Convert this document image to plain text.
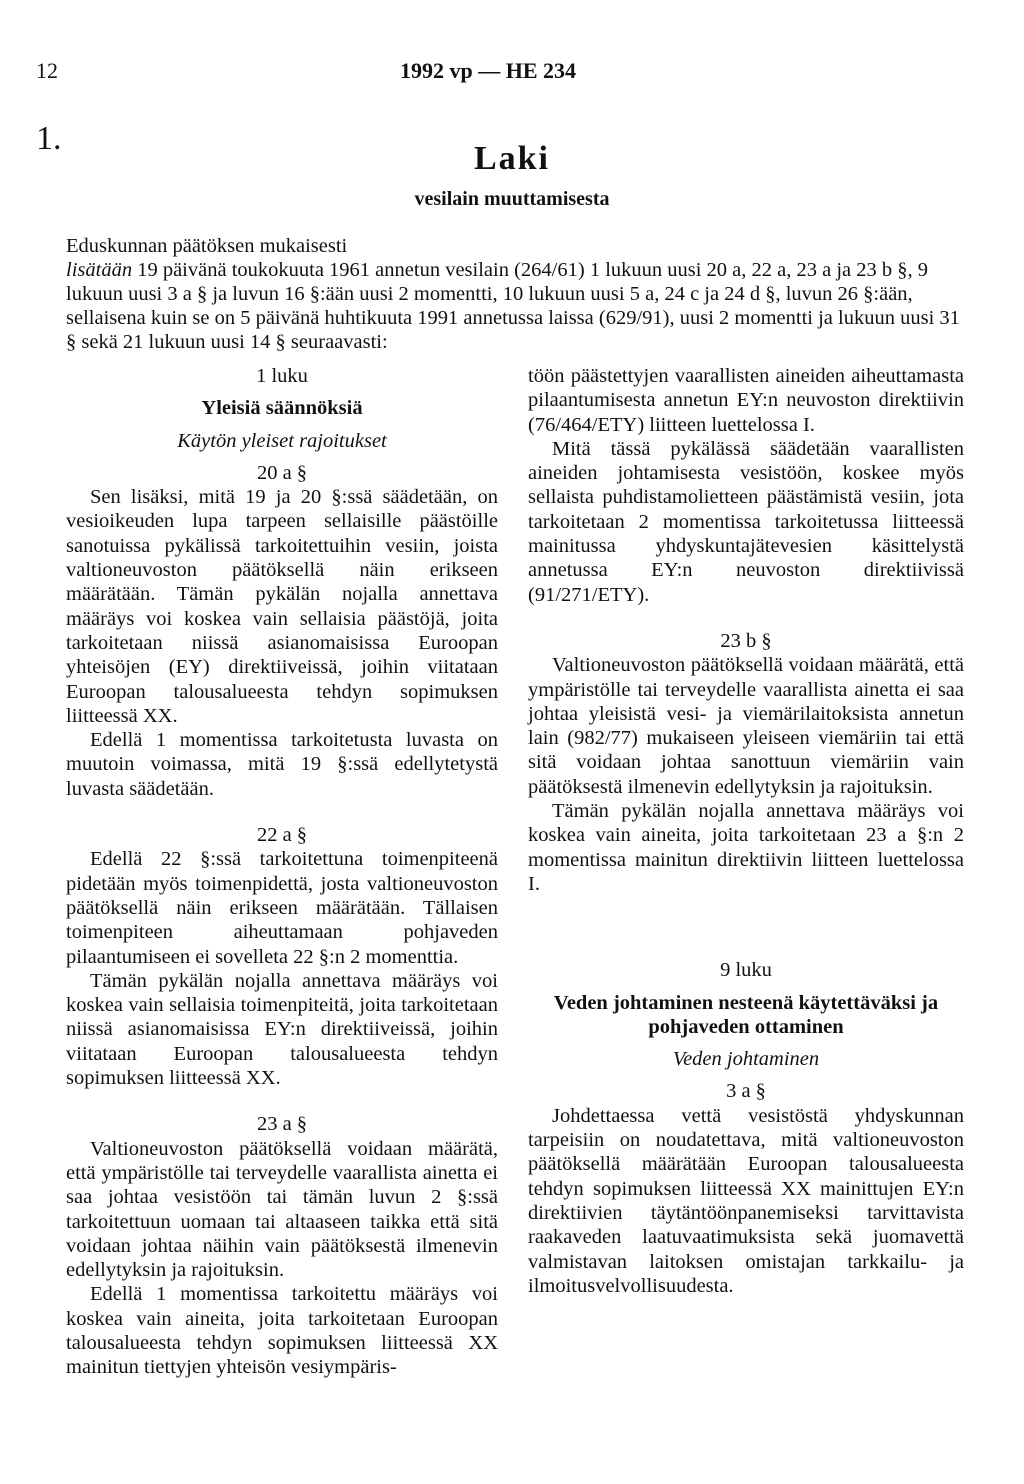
12	1992 vp — HE 234
1.
Laki
vesilain muuttamisesta
Eduskunnan päätöksen mukaisesti
lisätään 19 päivänä toukokuuta 1961 annetun vesilain (264/61) 1 lukuun uusi 20 a, 22 a, 23 a ja 23 b §, 9 lukuun uusi 3 a § ja luvun 16 §:ään uusi 2 momentti, 10 lukuun uusi 5 a, 24 c ja 24 d §, luvun 26 §:ään, sellaisena kuin se on 5 päivänä huhtikuuta 1991 annetussa laissa (629/91), uusi 2 momentti ja lukuun uusi 31 § sekä 21 lukuun uusi 14 § seuraavasti:

1 luku

Yleisiä säännöksiä

Käytön yleiset rajoitukset

20 a §

Sen lisäksi, mitä 19 ja 20 §:ssä säädetään, on vesioikeuden lupa tarpeen sellaisille päästöille sanotuissa pykälissä tarkoitettuihin vesiin, joista valtioneuvoston päätöksellä näin erikseen määrätään. Tämän pykälän nojalla annettava määräys voi koskea vain sellaisia päästöjä, joita tarkoitetaan niissä asianomaisissa Euroopan yhteisöjen (EY) direktiiveissä, joihin viitataan Euroopan talousalueesta tehdyn sopimuksen liitteessä XX.

Edellä 1 momentissa tarkoitetusta luvasta on muutoin voimassa, mitä 19 §:ssä edellytetystä luvasta säädetään.

22 a §

Edellä 22 §:ssä tarkoitettuna toimenpiteenä pidetään myös toimenpidettä, josta valtioneuvoston päätöksellä näin erikseen määrätään. Tällaisen toimenpiteen aiheuttamaan pohjaveden pilaantumiseen ei sovelleta 22 §:n 2 momenttia.

Tämän pykälän nojalla annettava määräys voi koskea vain sellaisia toimenpiteitä, joita tarkoitetaan niissä asianomaisissa EY:n direktiiveissä, joihin viitataan Euroopan talousalueesta tehdyn sopimuksen liitteessä XX.

23 a §

Valtioneuvoston päätöksellä voidaan määrätä, että ympäristölle tai terveydelle vaarallista ainetta ei saa johtaa vesistöön tai tämän luvun 2 §:ssä tarkoitettuun uomaan tai altaaseen taikka että sitä voidaan johtaa näihin vain päätöksestä ilmenevin edellytyksin ja rajoituksin.

Edellä 1 momentissa tarkoitettu määräys voi koskea vain aineita, joita tarkoitetaan Euroopan talousalueesta tehdyn sopimuksen liitteessä XX mainitun tiettyjen yhteisön vesiympäris-

töön päästettyjen vaarallisten aineiden aiheuttamasta pilaantumisesta annetun EY:n neuvoston direktiivin (76/464/ETY) liitteen luettelossa I.

Mitä tässä pykälässä säädetään vaarallisten aineiden johtamisesta vesistöön, koskee myös sellaista puhdistamolietteen päästämistä vesiin, jota tarkoitetaan 2 momentissa tarkoitetussa liitteessä mainitussa yhdyskuntajätevesien käsittelystä annetussa EY:n neuvoston direktiivissä (91/271/ETY).

23 b §

Valtioneuvoston päätöksellä voidaan määrätä, että ympäristölle tai terveydelle vaarallista ainetta ei saa johtaa yleisistä vesi- ja viemärilaitoksista annetun lain (982/77) mukaiseen yleiseen viemäriin tai että sitä voidaan johtaa sanottuun viemäriin vain päätöksestä ilmenevin edellytyksin ja rajoituksin.

Tämän pykälän nojalla annettava määräys voi koskea vain aineita, joita tarkoitetaan 23 a §:n 2 momentissa mainitun direktiivin liitteen luettelossa I.

9 luku

Veden johtaminen nesteenä käytettäväksi ja

pohjaveden ottaminen

Veden johtaminen

3 a §

Johdettaessa vettä vesistöstä yhdyskunnan tarpeisiin on noudatettava, mitä valtioneuvoston päätöksellä määrätään Euroopan talousalueesta tehdyn sopimuksen liitteessä XX mainittujen EY:n direktiivien täytäntöönpanemiseksi tarvittavista raakaveden laatuvaatimuksista sekä juomavettä valmistavan laitoksen omistajan tarkkailu- ja ilmoitusvelvollisuudesta.
